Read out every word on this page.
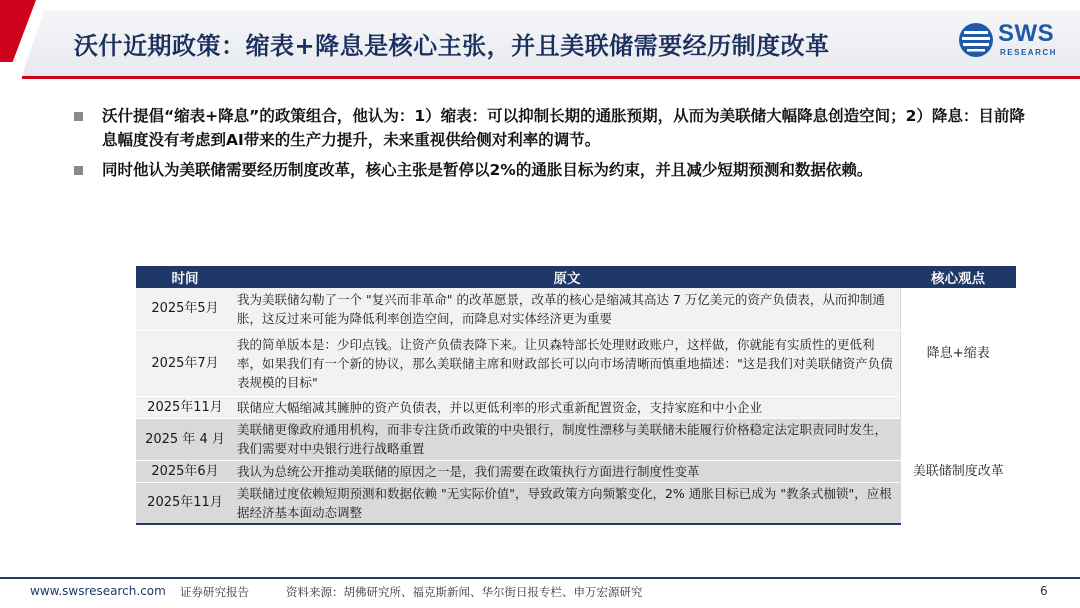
沃什近期政策：缩表+降息是核心主张，并且美联储需要经历制度改革	SWS
RESEARCH
沃什提倡“缩表+降息”的政策组合，他认为：1）缩表：可以抑制长期的通胀预期，从而为美联储大幅降息创造空间；2）降息：目前降息幅度没有考虑到AI带来的生产力提升，未来重视供给侧对利率的调节。
同时他认为美联储需要经历制度改革，核心主张是暂停以2%的通胀目标为约束，并且减少短期预测和数据依赖。
时间	原文	核心观点
2025年5月	我为美联储勾勒了一个 "复兴而非革命" 的改革愿景，改革的核心是缩减其高达 7 万亿美元的资产负债表，从而抑制通胀，这反过来可能为降低利率创造空间，而降息对实体经济更为重要	降息+缩表
2025年7月	我的简单版本是：少印点钱。让资产负债表降下来。让贝森特部长处理财政账户，这样做，你就能有实质性的更低利率，如果我们有一个新的协议，那么美联储主席和财政部长可以向市场清晰而慎重地描述："这是我们对美联储资产负债表规模的目标"	
2025年11月	联储应大幅缩减其臃肿的资产负债表，并以更低利率的形式重新配置资金，支持家庭和中小企业	
2025 年 4 月	美联储更像政府通用机构，而非专注货币政策的中央银行，制度性漂移与美联储未能履行价格稳定法定职责同时发生，我们需要对中央银行进行战略重置	美联储制度改革
2025年6月	我认为总统公开推动美联储的原因之一是，我们需要在政策执行方面进行制度性变革	
2025年11月	美联储过度依赖短期预测和数据依赖 "无实际价值"，导致政策方向频繁变化，2% 通胀目标已成为 "教条式枷锁"，应根据经济基本面动态调整	
www.swsresearch.com 证券研究报告	资料来源：胡佛研究所、福克斯新闻、华尔街日报专栏、申万宏源研究	6
